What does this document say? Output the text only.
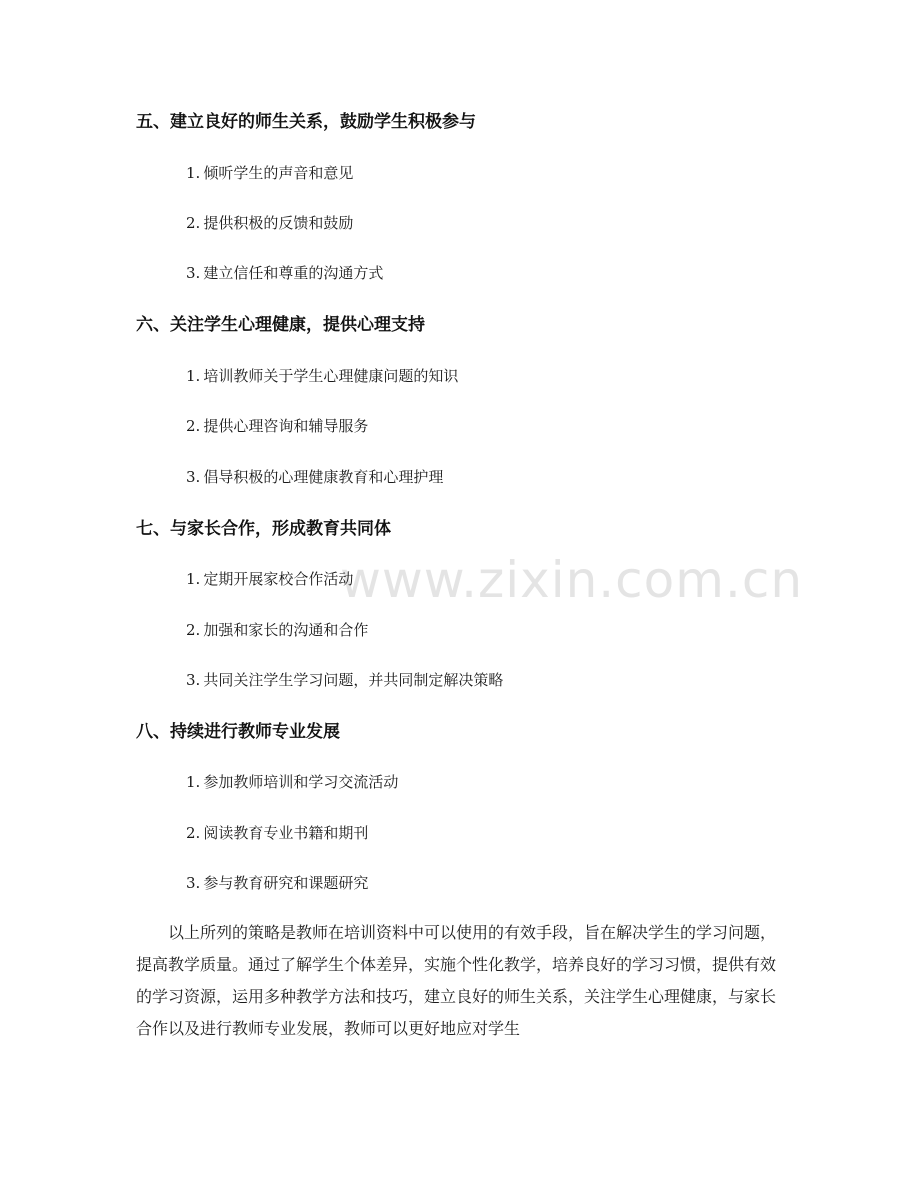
www.zixin.com.cn
五、建立良好的师生关系，鼓励学生积极参与
1. 倾听学生的声音和意见
2. 提供积极的反馈和鼓励
3. 建立信任和尊重的沟通方式
六、关注学生心理健康，提供心理支持
1. 培训教师关于学生心理健康问题的知识
2. 提供心理咨询和辅导服务
3. 倡导积极的心理健康教育和心理护理
七、与家长合作，形成教育共同体
1. 定期开展家校合作活动
2. 加强和家长的沟通和合作
3. 共同关注学生学习问题，并共同制定解决策略
八、持续进行教师专业发展
1. 参加教师培训和学习交流活动
2. 阅读教育专业书籍和期刊
3. 参与教育研究和课题研究

以上所列的策略是教师在培训资料中可以使用的有效手段，旨在解决学生的学习问题，提高教学质量。通过了解学生个体差异，实施个性化教学，培养良好的学习习惯，提供有效的学习资源，运用多种教学方法和技巧，建立良好的师生关系，关注学生心理健康，与家长合作以及进行教师专业发展，教师可以更好地应对学生
